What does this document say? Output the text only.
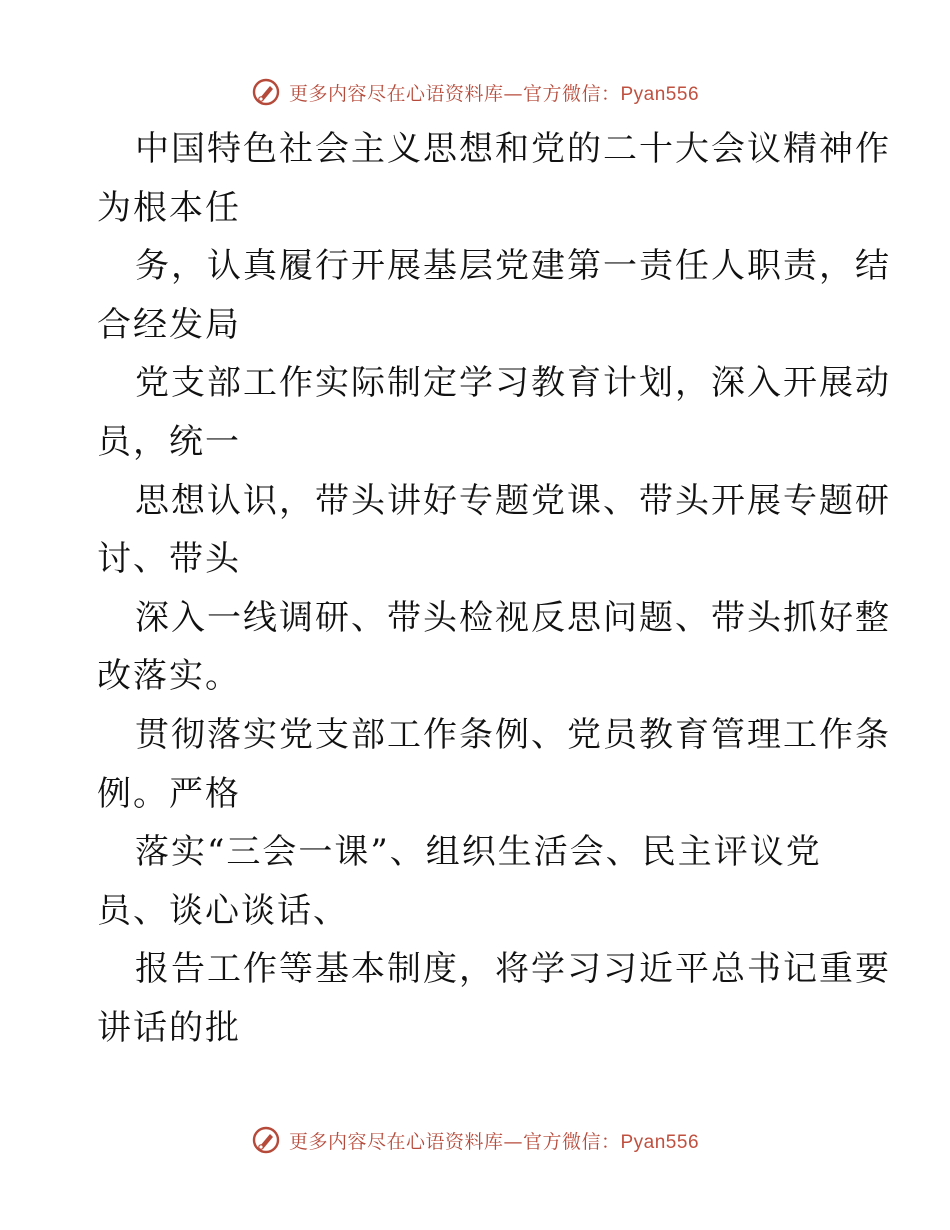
更多内容尽在心语资料库—官方微信：Pyan556
中国特色社会主义思想和党的二十大会议精神作
为根本任
务，认真履行开展基层党建第一责任人职责，结
合经发局
党支部工作实际制定学习教育计划，深入开展动
员，统一
思想认识，带头讲好专题党课、带头开展专题研
讨、带头
深入一线调研、带头检视反思问题、带头抓好整
改落实。
贯彻落实党支部工作条例、党员教育管理工作条
例。严格
落实“三会一课”、组织生活会、民主评议党
员、谈心谈话、
报告工作等基本制度，将学习习近平总书记重要
讲话的批
更多内容尽在心语资料库—官方微信：Pyan556
